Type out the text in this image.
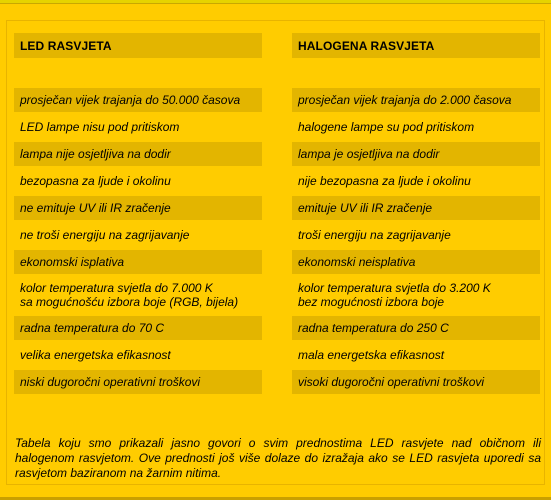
LED RASVJETA
prosječan vijek trajanja do 50.000 časova
LED lampe nisu pod pritiskom
lampa nije osjetljiva na dodir
bezopasna za ljude i okolinu
ne emituje UV ili IR zračenje
ne troši energiju na zagrijavanje
ekonomski isplativa
kolor temperatura svjetla do 7.000 K
sa mogućnošću izbora boje (RGB, bijela)
radna temperatura do 70 C
velika energetska efikasnost
niski dugoročni operativni troškovi
HALOGENA RASVJETA
prosječan vijek trajanja do 2.000 časova
halogene lampe su pod pritiskom
lampa je osjetljiva na dodir
nije bezopasna za ljude i okolinu
emituje UV ili IR zračenje
troši energiju na zagrijavanje
ekonomski neisplativa
kolor temperatura svjetla do 3.200 K
bez mogućnosti izbora boje
radna temperatura do 250 C
mala energetska efikasnost
visoki dugoročni operativni troškovi

Tabela koju smo prikazali jasno govori o svim prednostima LED rasvjete nad običnom ili halogenom rasvjetom. Ove prednosti još više dolaze do izražaja ako se LED rasvjeta uporedi sa rasvjetom baziranom na žarnim nitima.
